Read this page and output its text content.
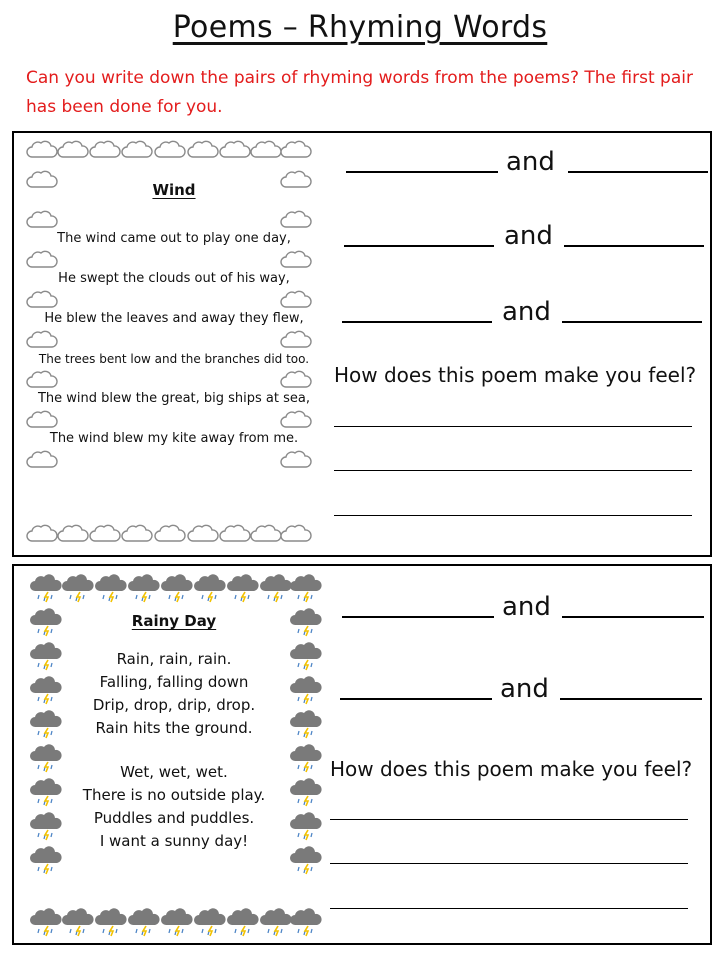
Poems – Rhyming Words
Can you write down the pairs of rhyming words from the poems? The first pair has been done for you.
Wind
The wind came out to play one day,
He swept the clouds out of his way,
He blew the leaves and away they flew,
The trees bent low and the branches did too.
The wind blew the great, big ships at sea,
The wind blew my kite away from me.
and
and
and
How does this poem make you feel?
Rainy Day
Rain, rain, rain.
Falling, falling down
Drip, drop, drip, drop.
Rain hits the ground.
Wet, wet, wet.
There is no outside play.
Puddles and puddles.
I want a sunny day!
and
and
How does this poem make you feel?
